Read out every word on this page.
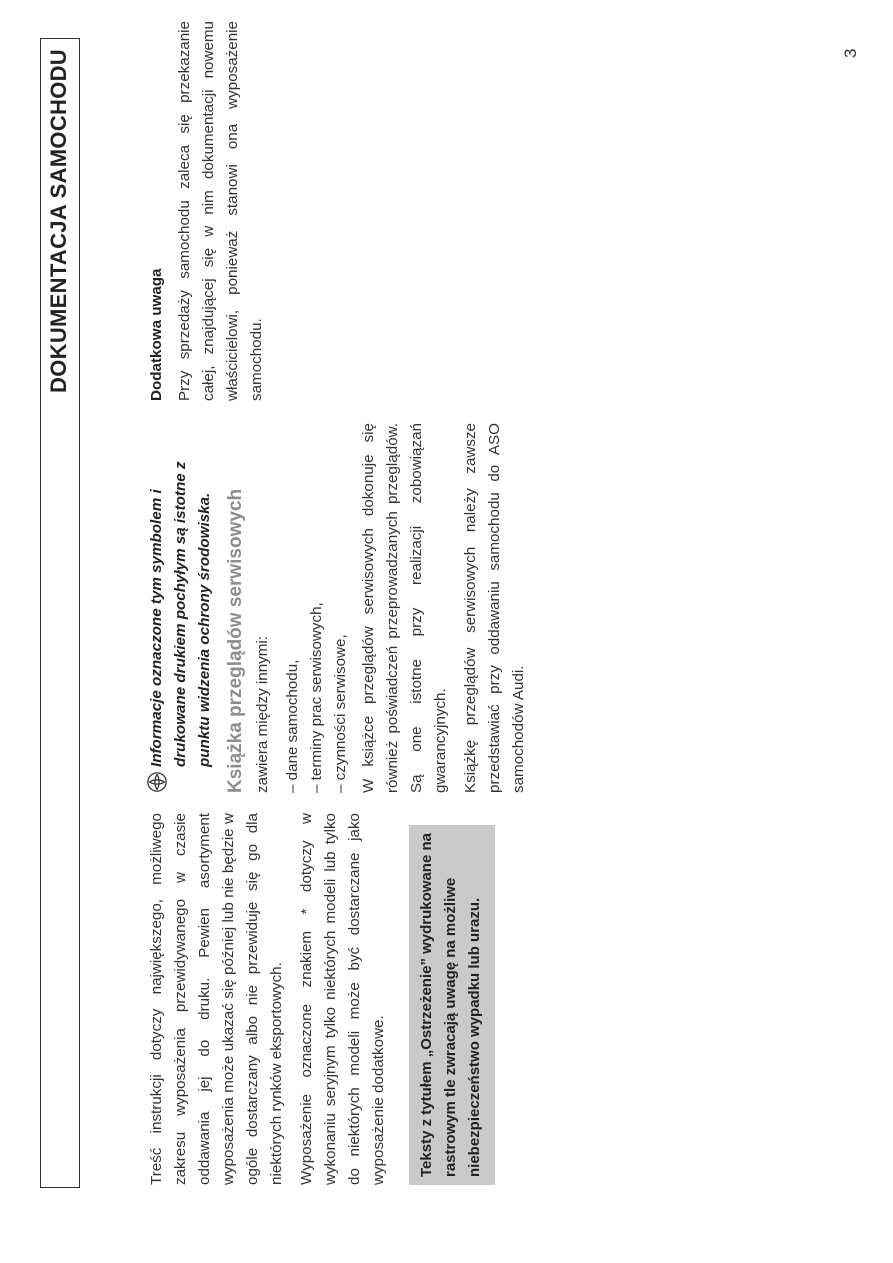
3
DOKUMENTACJA SAMOCHODU

Treść instrukcji dotyczy największego, możliwego zakresu wyposażenia przewidywanego w czasie oddawania jej do druku. Pewien asortyment wyposażenia może ukazać się później lub nie będzie w ogóle dostarczany albo nie przewiduje się go dla niektórych rynków eksportowych. Wyposażenie oznaczone znakiem * dotyczy w wykonaniu seryjnym tylko niektórych modeli lub tylko do niektórych modeli może być dostarczane jako wyposażenie dodatkowe.	Teksty z tytułem „Ostrzeżenie” wydrukowane na rastrowym tle zwracają uwagę na możliwe niebezpieczeństwo wypadku lub urazu.
Informacje oznaczone tym symbolem i drukowane drukiem pochyłym są istotne z punktu widzenia ochrony środowiska. Książka przeglądów serwisowych zawiera między innymi: – dane samochodu, – terminy prac serwisowych, – czynności serwisowe, W książce przeglądów serwisowych dokonuje się również poświadczeń przeprowadzanych przeglądów. Są one istotne przy realizacji zobowiązań gwarancyjnych. Książkę przeglądów serwisowych należy zawsze przedstawiać przy oddawaniu samochodu do ASO samochodów Audi.

Dodatkowa uwaga Przy sprzedaży samochodu zaleca się przekazanie całej, znajdującej się w nim dokumentacji nowemu właścicielowi, ponieważ stanowi ona wyposażenie samochodu.
